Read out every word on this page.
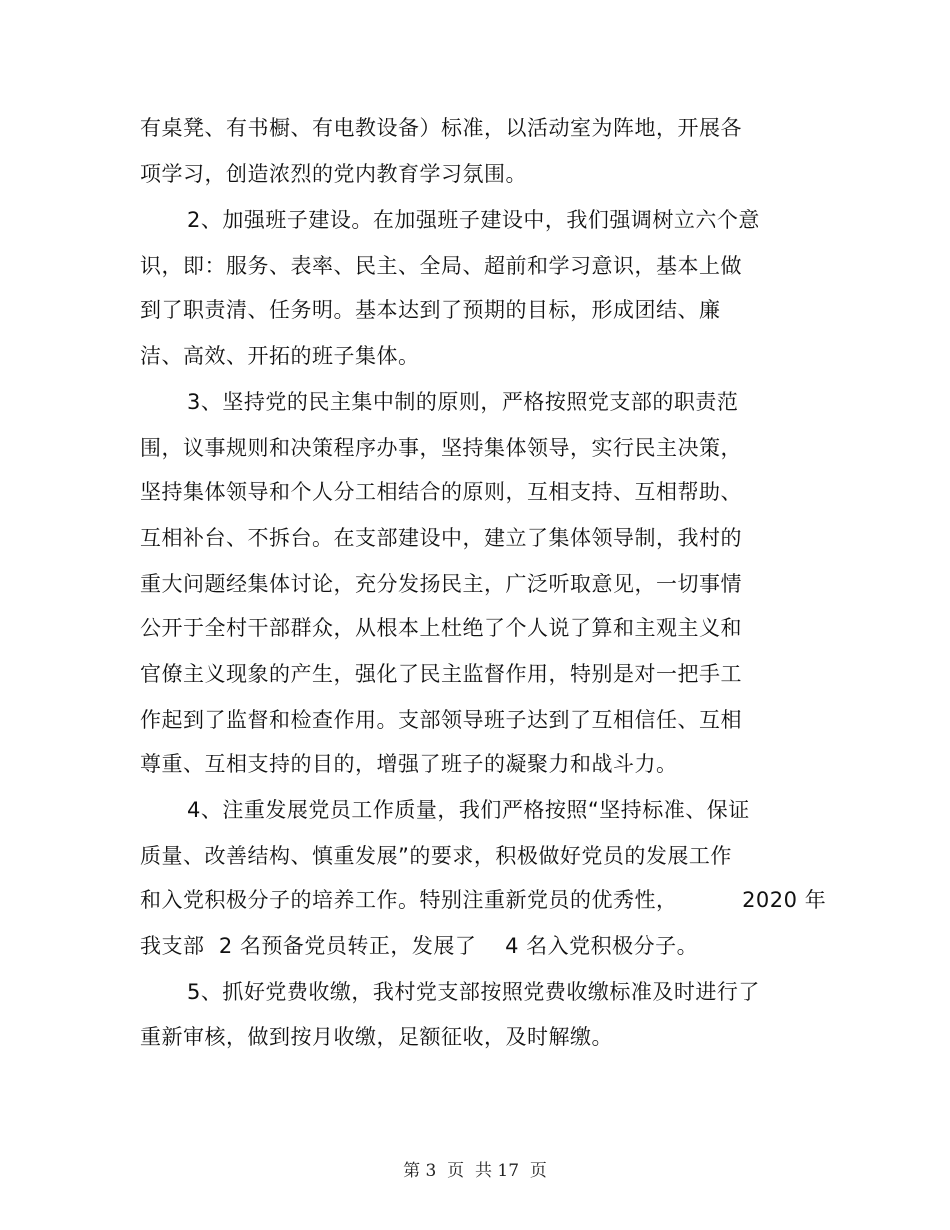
有桌凳、有书橱、有电教设备）标准，以活动室为阵地，开展各
项学习，创造浓烈的党内教育学习氛围。
2、加强班子建设。在加强班子建设中，我们强调树立六个意
识，即：服务、表率、民主、全局、超前和学习意识，基本上做
到了职责清、任务明。基本达到了预期的目标，形成团结、廉
洁、高效、开拓的班子集体。
3、坚持党的民主集中制的原则，严格按照党支部的职责范
围，议事规则和决策程序办事，坚持集体领导，实行民主决策，
坚持集体领导和个人分工相结合的原则，互相支持、互相帮助、
互相补台、不拆台。在支部建设中，建立了集体领导制，我村的
重大问题经集体讨论，充分发扬民主，广泛听取意见，一切事情
公开于全村干部群众，从根本上杜绝了个人说了算和主观主义和
官僚主义现象的产生，强化了民主监督作用，特别是对一把手工
作起到了监督和检查作用。支部领导班子达到了互相信任、互相
尊重、互相支持的目的，增强了班子的凝聚力和战斗力。
4、注重发展党员工作质量，我们严格按照“坚持标准、保证
质量、改善结构、慎重发展”的要求，积极做好党员的发展工作
和入党积极分子的培养工作。特别注重新党员的优秀性，         2020 年
我支部  2 名预备党员转正，发展了    4 名入党积极分子。
5、抓好党费收缴，我村党支部按照党费收缴标准及时进行了
重新审核，做到按月收缴，足额征收，及时解缴。
第 3  页  共 17  页
